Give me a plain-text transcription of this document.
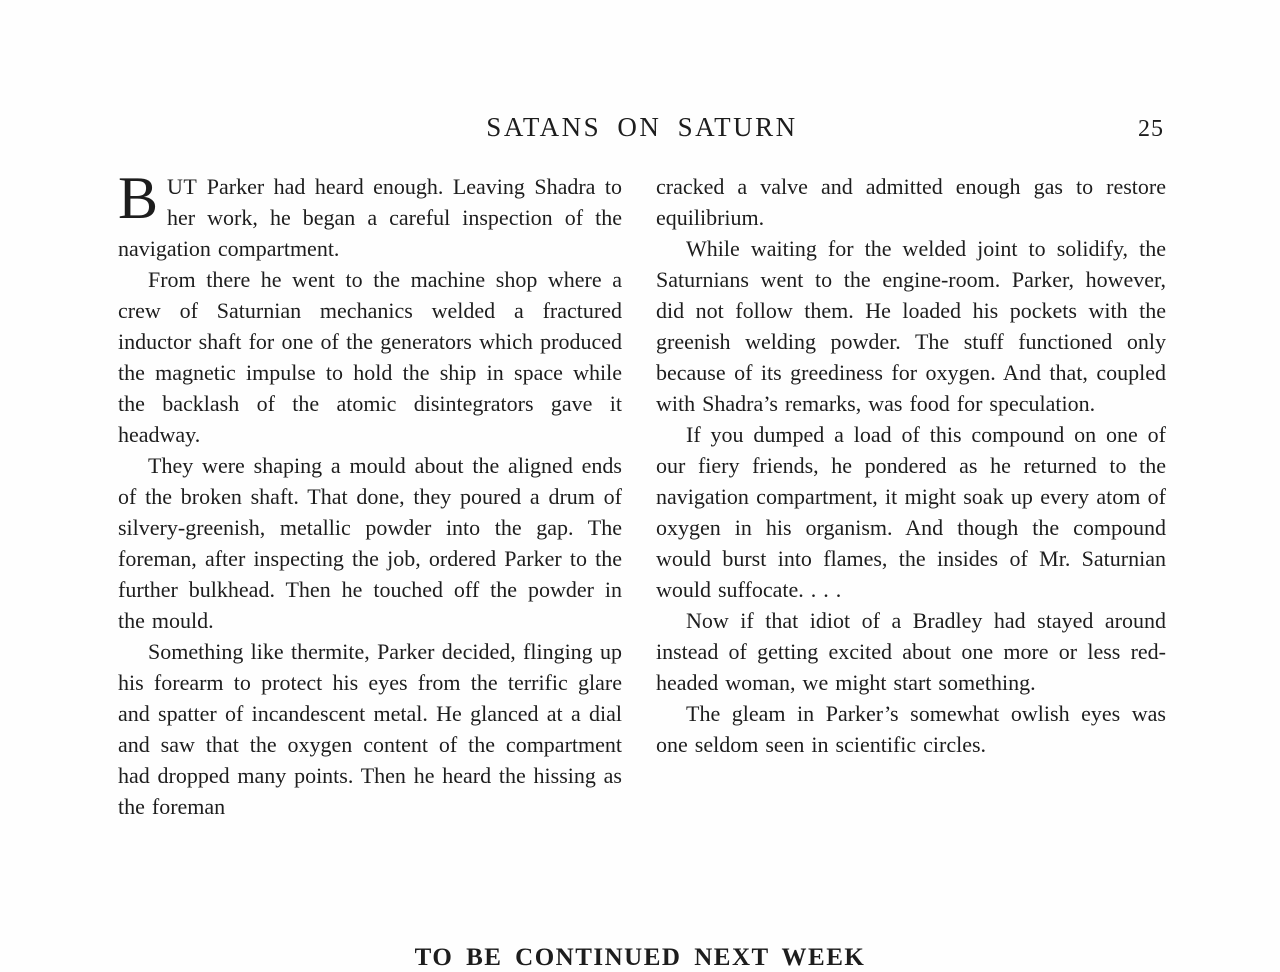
SATANS ON SATURN	25

BUT Parker had heard enough. Leaving Shadra to her work, he began a careful inspection of the navigation compartment.

From there he went to the machine shop where a crew of Saturnian mechanics welded a fractured inductor shaft for one of the generators which produced the magnetic impulse to hold the ship in space while the backlash of the atomic disintegrators gave it headway.

They were shaping a mould about the aligned ends of the broken shaft. That done, they poured a drum of silvery-greenish, metallic powder into the gap. The foreman, after inspecting the job, ordered Parker to the further bulkhead. Then he touched off the powder in the mould.

Something like thermite, Parker decided, flinging up his forearm to protect his eyes from the terrific glare and spatter of incandescent metal. He glanced at a dial and saw that the oxygen content of the compartment had dropped many points. Then he heard the hissing as the foreman

cracked a valve and admitted enough gas to restore equilibrium.

While waiting for the welded joint to solidify, the Saturnians went to the engine-room. Parker, however, did not follow them. He loaded his pockets with the greenish welding powder. The stuff functioned only because of its greediness for oxygen. And that, coupled with Shadra’s remarks, was food for speculation.

If you dumped a load of this compound on one of our fiery friends, he pondered as he returned to the navigation compartment, it might soak up every atom of oxygen in his organism. And though the compound would burst into flames, the insides of Mr. Saturnian would suffocate. . . .

Now if that idiot of a Bradley had stayed around instead of getting excited about one more or less red-headed woman, we might start something.

The gleam in Parker’s somewhat owlish eyes was one seldom seen in scientific circles.

TO BE CONTINUED NEXT WEEK
